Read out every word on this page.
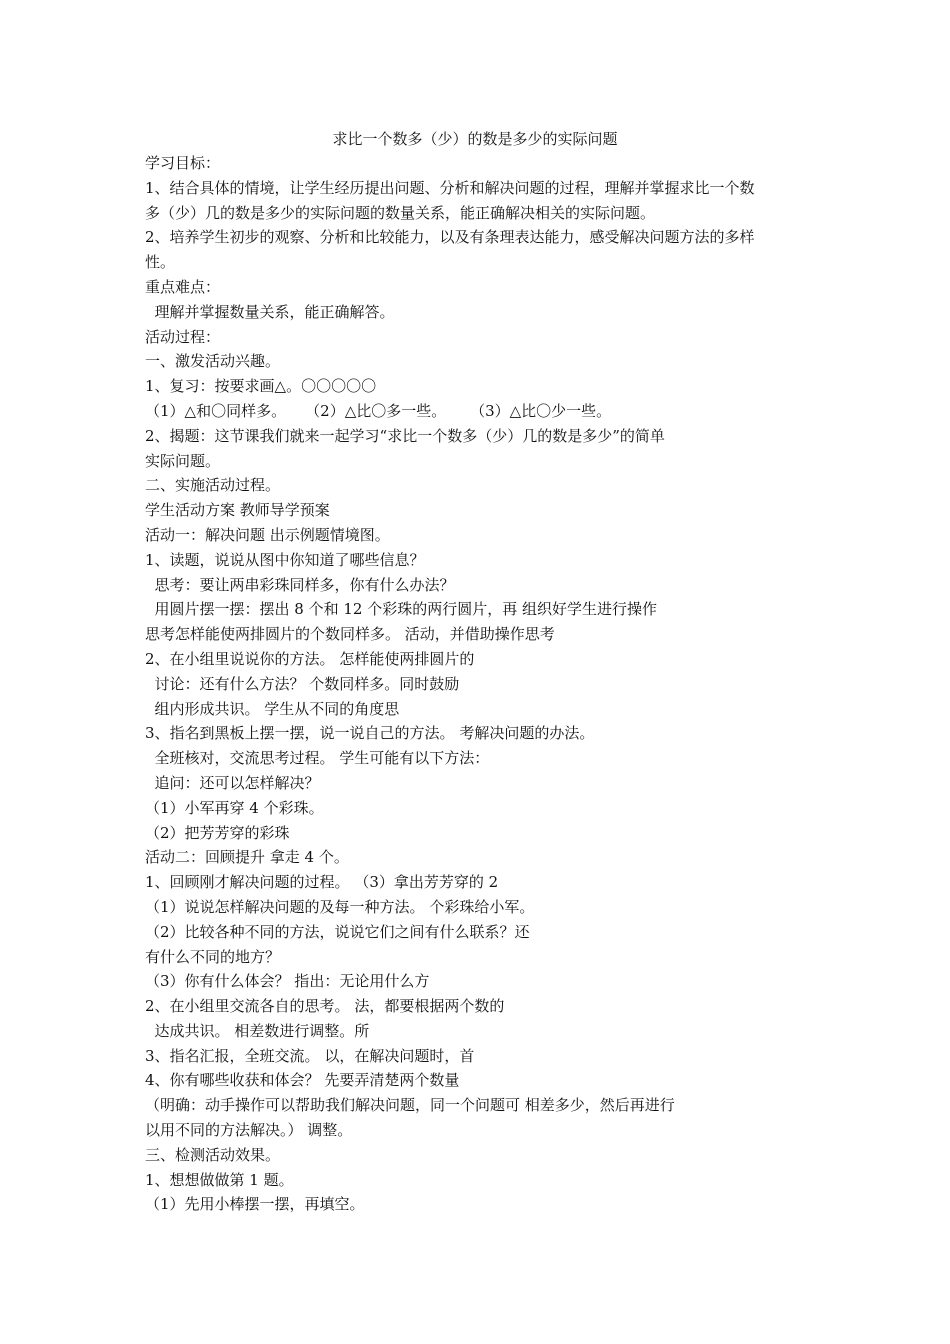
求比一个数多（少）的数是多少的实际问题
学习目标：
1、结合具体的情境，让学生经历提出问题、分析和解决问题的过程，理解并掌握求比一个数
多（少）几的数是多少的实际问题的数量关系，能正确解决相关的实际问题。
2、培养学生初步的观察、分析和比较能力，以及有条理表达能力，感受解决问题方法的多样
性。
重点难点：
理解并掌握数量关系，能正确解答。
活动过程：
一、激发活动兴趣。
1、复习：按要求画△。〇〇〇〇〇
（1）△和〇同样多。    （2）△比〇多一些。     （3）△比〇少一些。
2、揭题：这节课我们就来一起学习“求比一个数多（少）几的数是多少”的简单
实际问题。
二、实施活动过程。
学生活动方案 教师导学预案
活动一：解决问题 出示例题情境图。
1、读题，说说从图中你知道了哪些信息？
思考：要让两串彩珠同样多，你有什么办法？
用圆片摆一摆：摆出 8 个和 12 个彩珠的两行圆片，再 组织好学生进行操作
思考怎样能使两排圆片的个数同样多。 活动，并借助操作思考
2、在小组里说说你的方法。 怎样能使两排圆片的
讨论：还有什么方法？ 个数同样多。同时鼓励
组内形成共识。 学生从不同的角度思
3、指名到黑板上摆一摆，说一说自己的方法。 考解决问题的办法。
全班核对，交流思考过程。 学生可能有以下方法：
追问：还可以怎样解决？
（1）小军再穿 4 个彩珠。
（2）把芳芳穿的彩珠
活动二：回顾提升 拿走 4 个。
1、回顾刚才解决问题的过程。 （3）拿出芳芳穿的 2
（1）说说怎样解决问题的及每一种方法。 个彩珠给小军。
（2）比较各种不同的方法，说说它们之间有什么联系？还
有什么不同的地方？
（3）你有什么体会？ 指出：无论用什么方
2、在小组里交流各自的思考。 法，都要根据两个数的
达成共识。 相差数进行调整。所
3、指名汇报，全班交流。 以，在解决问题时，首
4、你有哪些收获和体会？ 先要弄清楚两个数量
（明确：动手操作可以帮助我们解决问题，同一个问题可 相差多少，然后再进行
以用不同的方法解决。） 调整。
三、检测活动效果。
1、想想做做第 1 题。
（1）先用小棒摆一摆，再填空。
